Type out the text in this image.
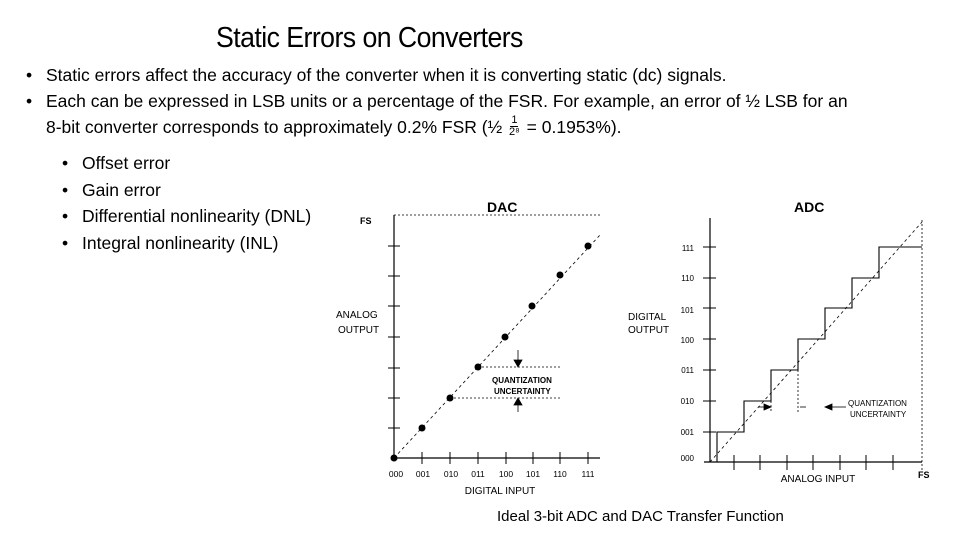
Static Errors on Converters
• Static errors affect the accuracy of the converter when it is converting static (dc) signals.
• Each can be expressed in LSB units or a percentage of the FSR. For example, an error of ½ LSB for an
8-bit converter corresponds to approximately 0.2% FSR (½ $\frac{1}{\text{2⁸}} = 0.1953\%$).
• Offset error
• Gain error
• Differential nonlinearity (DNL)
• Integral nonlinearity (INL)
DAC
FS
ANALOG
OUTPUT
000 001 010 011 100 101 110 111
DIGITAL INPUT
QUANTIZATION
UNCERTAINTY
ADC
DIGITAL
OUTPUT
000
001
010
011
100
101
110
111
ANALOG INPUT	FS
QUANTIZATION
UNCERTAINTY
Ideal 3-bit ADC and DAC Transfer Function
